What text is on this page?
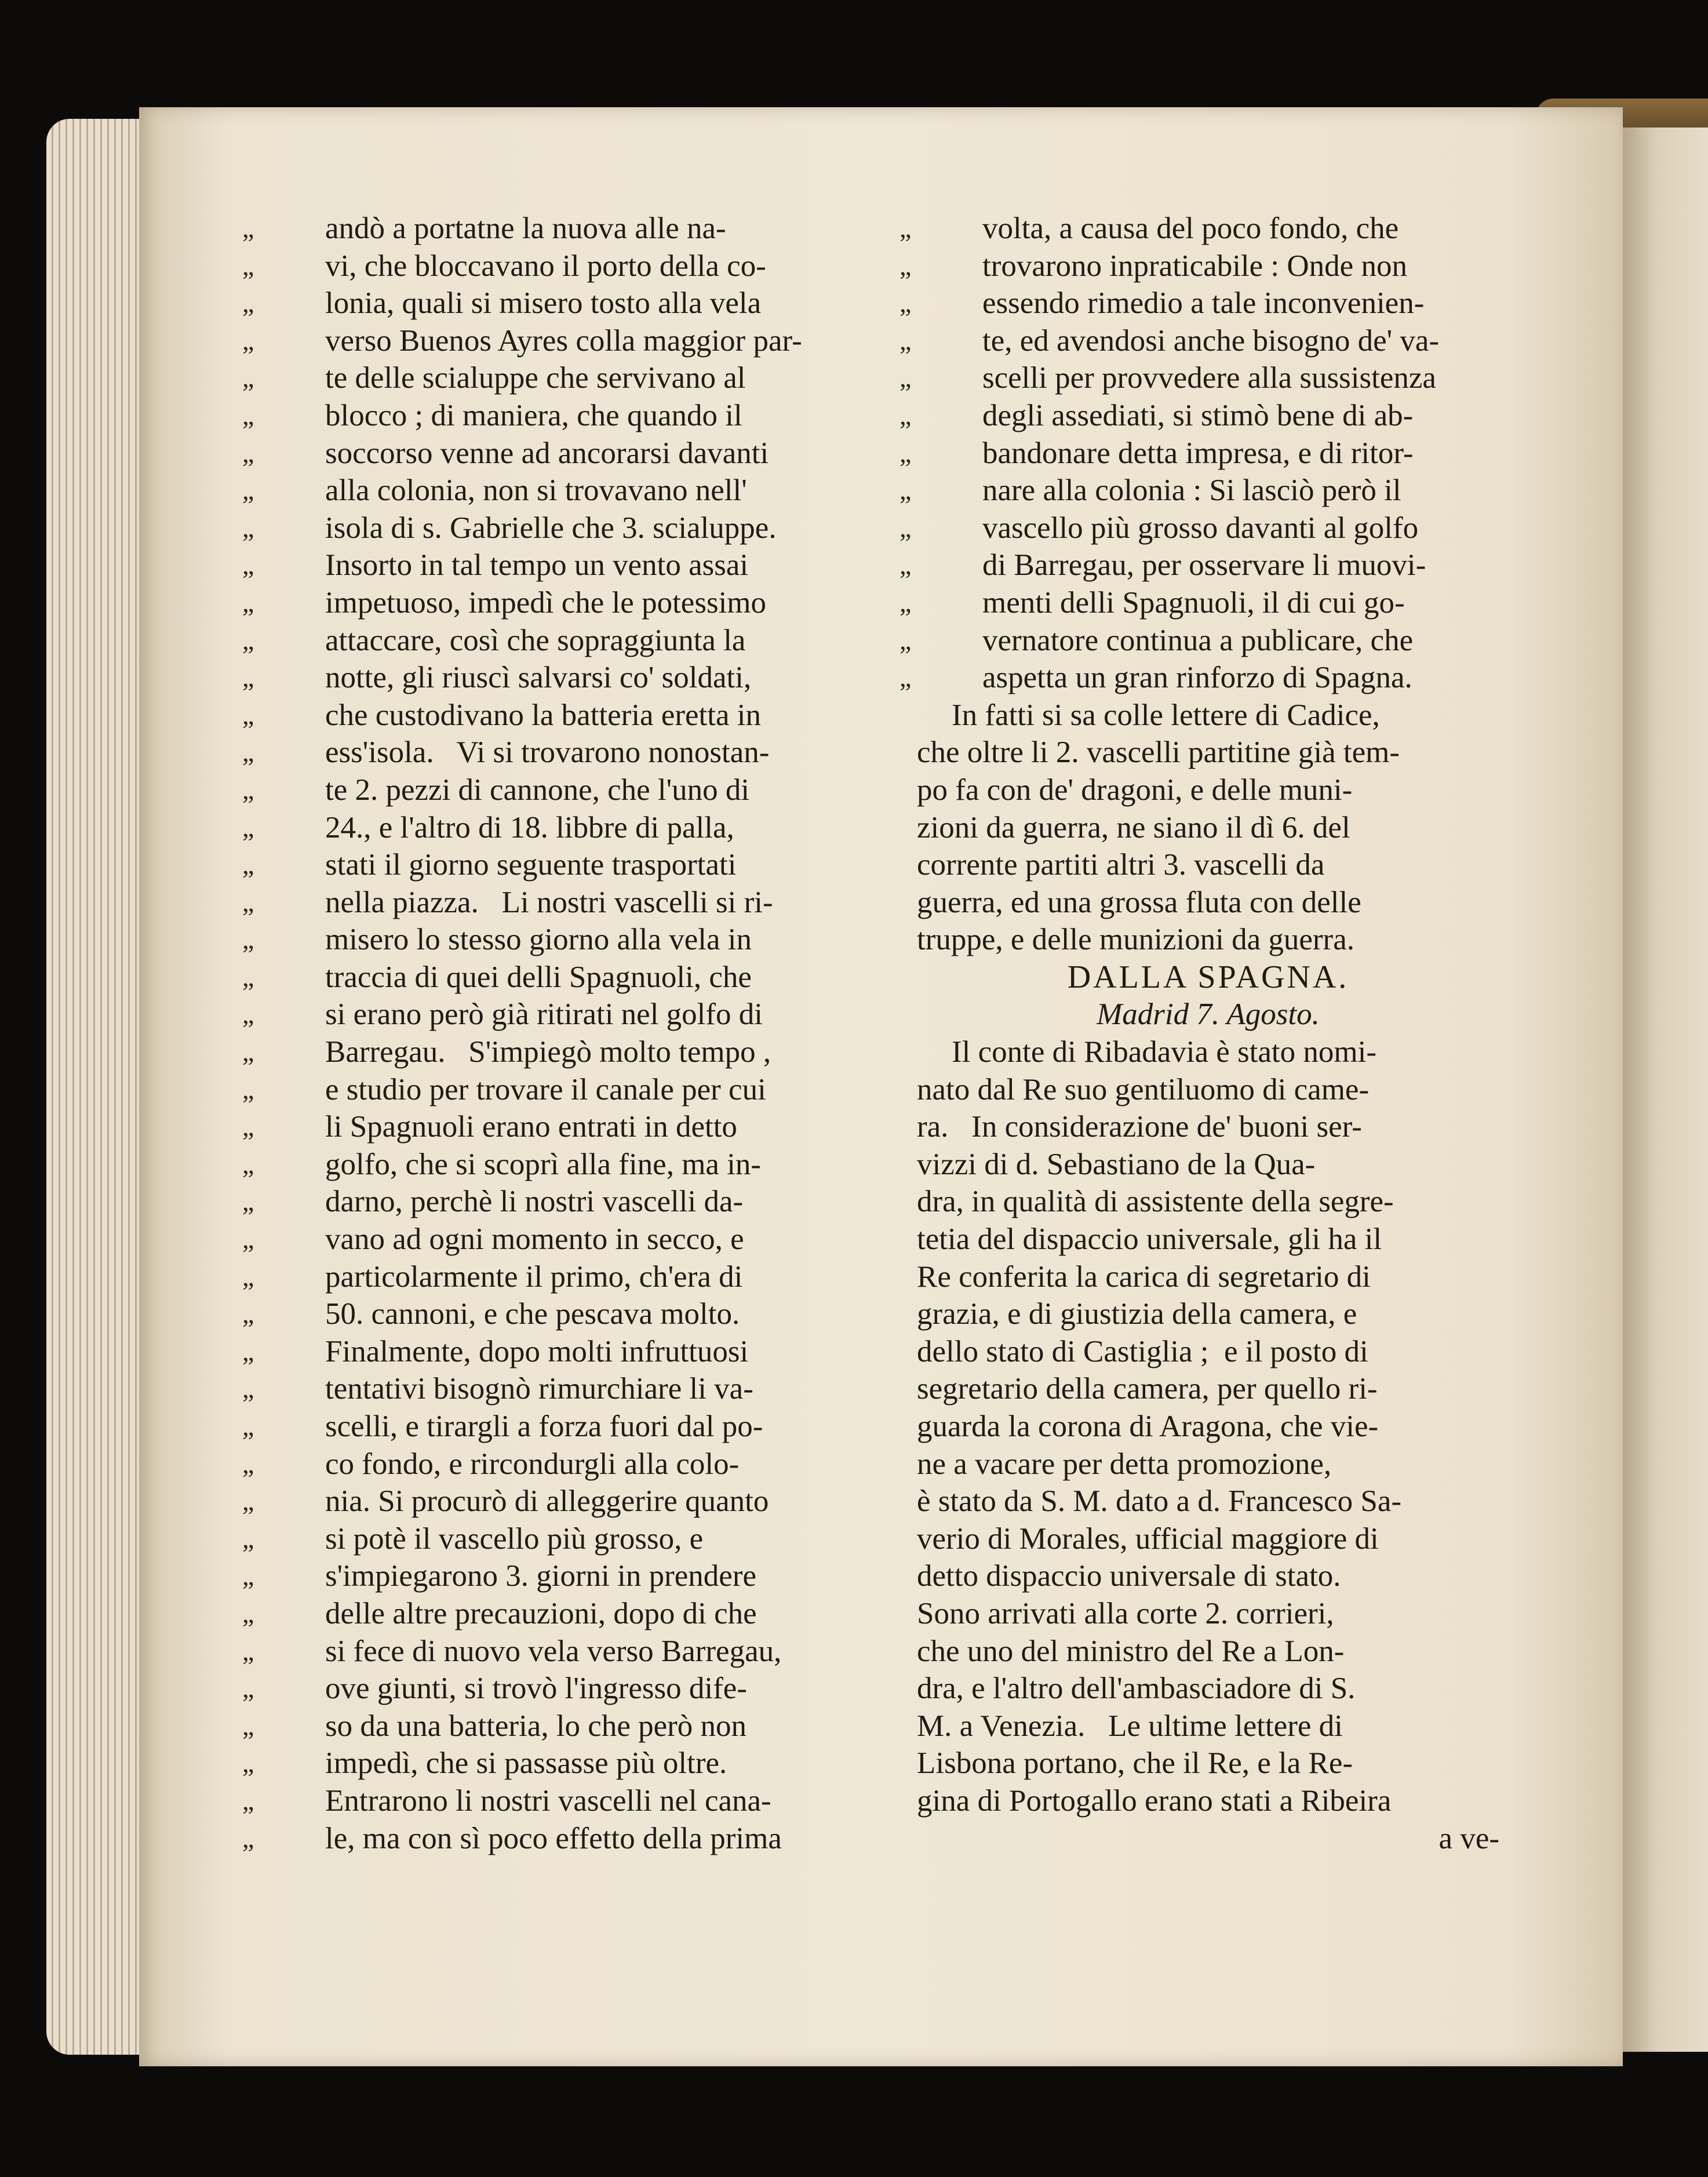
„	andò a portatne la nuova alle na-
„	vi, che bloccavano il porto della co-
„	lonia, quali si misero tosto alla vela
„	verso Buenos Ayres colla maggior par-
„	te delle scialuppe che servivano al
„	blocco ; di maniera, che quando il
„	soccorso venne ad ancorarsi davanti
„	alla colonia, non si trovavano nell'
„	isola di s. Gabrielle che 3. scialuppe.
„	Insorto in tal tempo un vento assai
„	impetuoso, impedì che le potessimo
„	attaccare, così che sopraggiunta la
„	notte, gli riuscì salvarsi co' soldati,
„	che custodivano la batteria eretta in
„	ess'isola.   Vi si trovarono nonostan-
„	te 2. pezzi di cannone, che l'uno di
„	24., e l'altro di 18. libbre di palla,
„	stati il giorno seguente trasportati
„	nella piazza.   Li nostri vascelli si ri-
„	misero lo stesso giorno alla vela in
„	traccia di quei delli Spagnuoli, che
„	si erano però già ritirati nel golfo di
„	Barregau.   S'impiegò molto tempo ,
„	e studio per trovare il canale per cui
„	li Spagnuoli erano entrati in detto
„	golfo, che si scoprì alla fine, ma in-
„	darno, perchè li nostri vascelli da-
„	vano ad ogni momento in secco, e
„	particolarmente il primo, ch'era di
„	50. cannoni, e che pescava molto.
„	Finalmente, dopo molti infruttuosi
„	tentativi bisognò rimurchiare li va-
„	scelli, e tirargli a forza fuori dal po-
„	co fondo, e rircondurgli alla colo-
„	nia. Si procurò di alleggerire quanto
„	si potè il vascello più grosso, e
„	s'impiegarono 3. giorni in prendere
„	delle altre precauzioni, dopo di che
„	si fece di nuovo vela verso Barregau,
„	ove giunti, si trovò l'ingresso dife-
„	so da una batteria, lo che però non
„	impedì, che si passasse più oltre.
„	Entrarono li nostri vascelli nel cana-
„	le, ma con sì poco effetto della prima
„	volta, a causa del poco fondo, che
„	trovarono inpraticabile : Onde non
„	essendo rimedio a tale inconvenien-
„	te, ed avendosi anche bisogno de' va-
„	scelli per provvedere alla sussistenza
„	degli assediati, si stimò bene di ab-
„	bandonare detta impresa, e di ritor-
„	nare alla colonia : Si lasciò però il
„	vascello più grosso davanti al golfo
„	di Barregau, per osservare li muovi-
„	menti delli Spagnuoli, il di cui go-
„	vernatore continua a publicare, che
„	aspetta un gran rinforzo di Spagna.
In fatti si sa colle lettere di Cadice,
che oltre li 2. vascelli partitine già tem-
po fa con de' dragoni, e delle muni-
zioni da guerra, ne siano il dì 6. del
corrente partiti altri 3. vascelli da
guerra, ed una grossa fluta con delle
truppe, e delle munizioni da guerra.
DALLA SPAGNA.
Madrid 7. Agosto.
Il conte di Ribadavia è stato nomi-
nato dal Re suo gentiluomo di came-
ra.   In considerazione de' buoni ser-
vizzi di d. Sebastiano de la Qua-
dra, in qualità di assistente della segre-
tetia del dispaccio universale, gli ha il
Re conferita la carica di segretario di
grazia, e di giustizia della camera, e
dello stato di Castiglia ;  e il posto di
segretario della camera, per quello ri-
guarda la corona di Aragona, che vie-
ne a vacare per detta promozione,
è stato da S. M. dato a d. Francesco Sa-
verio di Morales, ufficial maggiore di
detto dispaccio universale di stato.
Sono arrivati alla corte 2. corrieri,
che uno del ministro del Re a Lon-
dra, e l'altro dell'ambasciadore di S.
M. a Venezia.   Le ultime lettere di
Lisbona portano, che il Re, e la Re-
gina di Portogallo erano stati a Ribeira
a ve-
